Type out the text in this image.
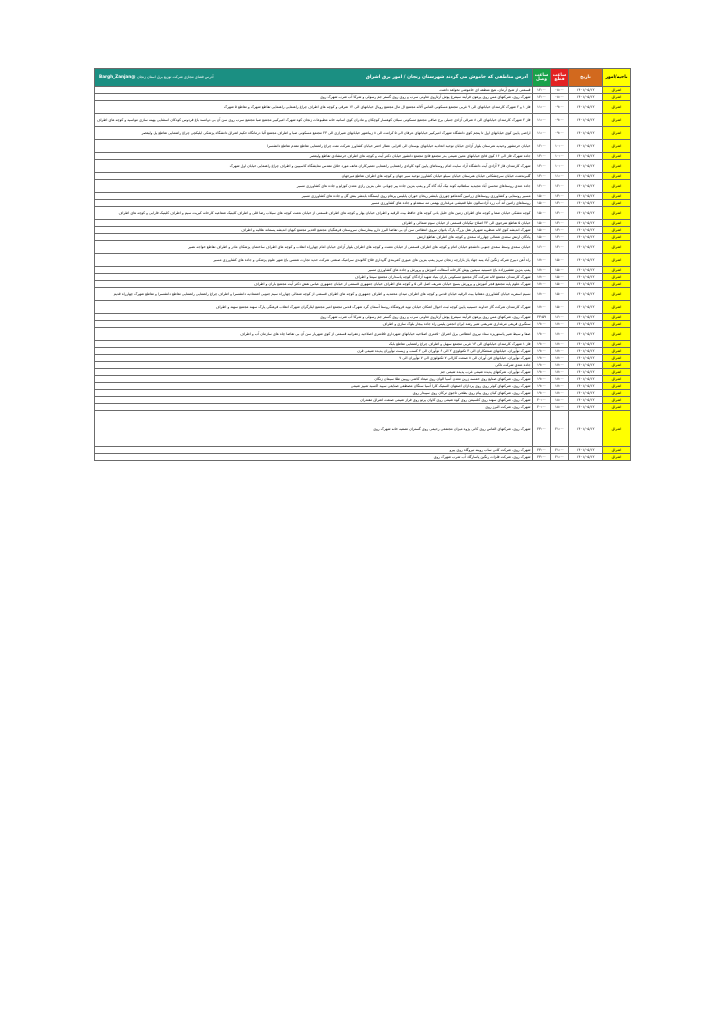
ناحیه/امور	تاریخ	ساعت قطع	ساعت وصل	آدرس مناطقی که خاموش می گردند شهرستان زنجان / امور برق اشراق
آدرس فضای مجازی شرکت توزیع برق استان زنجان @Bargh_Zanjan

اشراق	۱۴۰۱/۰۵/۱۲	۰۸:۰۰	۱۲:۰۰	قسمتی از شیخ آرمان، هیچ منطقه ای خاموشی نخواهد داشت
اشراق	۱۴۰۱/۰۵/۱۲	۰۸:۰۰	۱۲:۰۰	شهرک روی، شرکتهای مس روی پرهون فرآیند سیمرغ پوش آرتاروی تعاونی سرب و روی روی گستر جم رسولی و شرکا آب شرب شهرک روی
اشراق	۱۴۰۱/۰۵/۱۲	۰۹:۰۰	۱۱:۰۰	فاز ۱ و ۲ شهرک کارمندان خیابانهای الی ۹ غربی مجتمع مسکونی الماس آلاله مجتمع ال مال مجتمع رویال خیابانهای الی ۱۲ شرقی و کوچه های اطراف چراغ راهنمایی راهنمایی تقاطع شهرک و تقاطع ۵ شهرک
اشراق	۱۴۰۱/۰۵/۱۲	۰۹:۰۰	۱۱:۰۰	فاز ۲ شهرک کارمندان خیابانهای الی ۸ شرقی آزادی جنبلی برج صافی مجتمع مسکونی سبلان کوهسار کوچکان و مادران کوی اسانیه خانه مطبوعات زنجان کوه شهرک امیرکبیر مجتمع صبا مجتمع سرب روی سن آن بی دوانسد باغ فردوس کودکان استثنایی بهینه سازی مواسید و کوچه های اطراف
اشراق	۱۴۰۱/۰۵/۱۲	۰۹:۰۰	۱۱:۰۰	اراضی پایین کوی خیابانهای اول تا پنجم کوی دانشگاه شهرک امیرکبیر خیابانهای عرفان الی ۵ کرامت الی ۸ زیباشهر خیابانهای شیرازی الی ۲۳ مجتمع مسکونی صبا و اطراف مجتمع آلبا درمانگاه حکیم اشراق دانشگاه پزشکی ایلیکچی چراغ راهنمایی تقاطع پل ولیعصر
اشراق	۱۴۰۱/۰۵/۱۲	۱۰:۰۰	۱۲:۰۰	خیابان خرمشهر وحیدیه هنرستان بلوار آزادی خیابان توحید اتحادیه خیابانهای بوستان الی افرایی عطار احمر خیابان کشاورز شرکت نفت چراغ راهنمایی تقاطع مقدم تقاطع دانشسرا
اشراق	۱۴۰۱/۰۵/۱۲	۱۰:۰۰	۱۳:۰۰	جاده شهرک فاز الی ۱۶ کوی فاتح خیابانهای معین شیمی بدر مجتمع فاتح مجتمع دانشور خیابان دکتر آیت و کوچه های اطراف خرمشادی تقاطع ولیعصر
اشراق	۱۴۰۱/۰۵/۱۲	۱۰:۰۰	۱۳:۰۰	شهرک کارمندان فاز ۳ آزادی آیت دانشگاه آزاد سایت امام روستاهای پایین کوه کاوادی راهنمایی راهنمایی تعمیرکاران هاتف مورد خلاق مقدس نمایشگاه کاسیپین و اطراف چراغ راهنمایی خیابان اول شهرک
اشراق	۱۴۰۱/۰۵/۱۲	۱۱:۰۰	۱۳:۰۰	گلبرندشت خیابان سرچشکانی خیابان هنرستان خیابان سیلو خیابان کشاورز توحید سیر جهان و کوچه های اطراف تقاطع میرجهان
اشراق	۱۴۰۱/۰۵/۱۲	۱۲:۰۰	۱۴:۰۰	جاده عندی روستاهای محسن آباد مجیدیه سلطانیه کوند نیک آباد گاه گر و پمپ بنزین جاده پیر چوپانی علی بنزین رازی معدن کوزلو و جاده های کشاورزی مسیر
اشراق	۱۴۰۱/۰۵/۱۲	۱۳:۰۰	۱۵:۰۰	مسیر روستایی و کشاورزی روستاهای زرانبین گندماهو چورزق بابنشر ریحان خوران پابلیس پرهام روی ایستگاه بابنشر بنش گل و جاده های کشاورزی مسیر
اشراق	۱۴۰۱/۰۵/۱۲	۱۳:۰۰	۱۵:۰۰	روستاهای زامین آند آب زرد آزادسالون علیا قمیشی مرغداری بهمنی مه ستقدلو و جاده های کشاورزی مسیر
اشراق	۱۴۰۱/۰۵/۱۲	۱۳:۰۰	۱۵:۰۰	کوچه مشکی خیابان صفا و کوچه های اطراف زمین های خلیل بانی کوچه های حافظ بیت الرقیه و اطراف خیابان بهار و کوچه های اطراف قسمتی از خیابان نعمت کوچه های سیلاب رضا قلی و اطراف کلینیک شفاعیه کارخانه کبریت سیم و اطراف کلینیک فارابی و کوچه های اطراف
اشراق	۱۴۰۱/۰۵/۱۲	۱۳:۰۰	۱۵:۰۰	خیابان ۵ تقاطع هنرجوی الی ۲۴ اصلاح تیکپانان قسمتی از خیابان سوم شمالی و اطراف
اشراق	۱۴۰۱/۰۵/۱۲	۱۳:۰۰	۱۵:۰۰	شهرک اندیشه کوی لاله منظریه شهریار هتل بزرگ پارک بانوان نیروی انتظامی سن آن بی تقاضا البرز دارو بیمارستان سروستان فرهنگیان مجتمع الغدیر مجتمع کیهان اندیشه پسماند هلالیه و اطراف
اشراق	۱۴۰۱/۰۵/۱۲	۱۳:۰۰	۱۵:۰۰	پادگان ارتش سعدی شمالی چهارراه سعدی و کوچه های اطراف تقاطع ارتش
اشراق	۱۴۰۱/۰۵/۱۲	۱۴:۰۰	۱۶:۰۰	خیابان سعدی وسط سعدی جنوبی دانشجو خیابان امام و کوچه های اطراف قسمتی از خیابان نعمت و کوچه های اطراف بلوار آزادی خیابان امام چهارراه انقلاب و کوچه های اطراف ساختمان پزشکان مادر و اطراف تقاطع خواجه نصیر
اشراق	۱۴۰۱/۰۵/۱۲	۱۵:۰۰	۱۷:۰۰	راه آهن دبیرخ شرکه زنگین آیاد پنبه جهاد پاز بازارچه زنجان تبریز پمپ بنزین های عبوری کمربندی گاوداری فلاح کالوندی سرامیک صنعتی شرکت حدید تجارت شمس باغ شهر علوم پزشکی و جاده های کشاورزی مسیر
اشراق	۱۴۰۱/۰۵/۱۲	۱۵:۰۰	۱۷:۰۰	پمپ بنزین تقشیرزاده باغ حسینیه سیمین پوش کارخانه آسفالت آموزش و پرورش و جاده های کشاورزی مسیر
اشراق	۱۴۰۱/۰۵/۱۲	۱۵:۰۰	۱۷:۰۰	شهرک کارمندان مجتمع لاله شرکت گاز مجتمع مسکونی باران بنیاد شهید آزادگان کوچه پاسداران مجتمع سپنتا و اطراف
اشراق	۱۴۰۱/۰۵/۱۲	۱۵:۰۰	۱۷:۰۰	شهرک علوم پایه مجتمع فجر آموزش و پرورش بسیج خیابان شریف اصل الی ۵ و کوچه های اطراف خیابان جمهوری قسمتی از خیابان جمهوری عباس نقش دکتر آیت مجتمع باران و اطراف
اشراق	۱۴۰۱/۰۵/۱۲	۱۵:۰۰	۱۷:۰۰	نسیم اسفریه خیابان کشاورزی دهقانیا بیت الرقیه خیابان قدس و کوچه های اطراف میدان محمدیه و اطراف جمهوری و کوچه های اطراف قسمتی از کوچه شمالی چهارراه سیم جنوبی اشتمادیه دانشسرا و اطراف چراغ راهنمایی راهنمایی تقاطع دانشسرا و تقاطع شهرک چهارراه قدیم
اشراق	۱۴۰۱/۰۵/۱۲	۱۵:۰۰	۱۷:۰۰	شهرک کارمندان شرکت گاز خداوند حسینیه پایین کوچه ثبت احوال اشکان خیابان نوید فروشگاه روستا آسمان گرد شهرک قدس مجتمع امیر مجتمع ایثارگران شهرک انقلاب فرهنگی پارک سهند مجتمع سهند و اطراف
اشراق	۱۴۰۱/۰۵/۱۲	۱۶:۰۰	۲۳:۵۹	شهرک روی، شرکتهای مس روی پرهون فرآیند سیمرغ پوش آرتاروی تعاونی سرب و روی روی گستر جم رسولی و شرکا آب شرب شهرک روی
اشراق	۱۴۰۱/۰۵/۱۲	۱۷:۰۰	۱۹:۰۰	سنگبری فریقی مرغداری شریعتی شیر رشد ایران انجمن پلیس راه جاده بیجار بلوک سازی و اطراف
اشراق	۱۴۰۱/۰۵/۱۲	۱۷:۰۰	۱۹:۰۰	صفا و سیط شیر پاستوریزه ستاد نیروی انتظامی برق اشراق ۵۰متری اصلاحیه خیابانهای شهرداری ۵۵متری اصلاحیه زعفرانیه قسمتی از کوی شهریار سن آن بی تقاضا چاه های سازمان آب و اطراف
اشراق	۱۴۰۱/۰۵/۱۲	۱۷:۰۰	۱۹:۰۰	فاز ۱ شهرک کارمندان خیابانهای الی ۱۳ غربی مجتمع سهیل و اطراف چراغ راهنمایی تقاطع بابک
اشراق	۱۴۰۱/۰۵/۱۲	۱۷:۰۰	۱۹:۰۰	شهرک نوآوران، خیابانهای صنعتکاران الی ۳ تکنولوژی ۲ الی ۶ نوآوران الی ۲ کسب و زیست نوآوران پدیده شیمی قرن
اشراق	۱۴۰۱/۰۵/۱۲	۱۷:۰۰	۱۹:۰۰	شهرک نوآوران، خیابانهای فن آوران الی ۸ صنعت کارالی ۷ تکنولوژی الی ۷ نوآوران الی ۷
اشراق	۱۴۰۱/۰۵/۱۲	۱۷:۰۰	۱۹:۰۰	جاده عندی شرکت تاکی
اشراق	۱۴۰۱/۰۵/۱۲	۱۷:۰۰	۱۹:۰۰	شهرک نوآوران، شرکتهای پدیده شیمی غرب پدیده شیمی جم
اشراق	۱۴۰۱/۰۵/۱۲	۱۷:۰۰	۱۹:۰۰	شهرک روی، شرکتهای صنایع روی خمسه زرین معدن آسیا الوان روی میعاد کاشی روبین طلا سیمان زنگان
اشراق	۱۴۰۱/۰۵/۱۲	۱۷:۰۰	۱۹:۰۰	شهرک روی، شرکتهای کوثر روی روی پردازان اصفهان الستیک کارا آسیا سنگان مصطفی صنایعی سپید اکسید تمییز شیمی
اشراق	۱۴۰۱/۰۵/۱۲	۱۷:۰۰	۱۹:۰۰	شهرک روی، شرکتهای کیان روی پیام روی بطحی تاجوی ترکان روی سپیدار روی
اشراق	۱۴۰۱/۰۵/۱۲	۱۸:۰۰	۲۰:۰۰	شهرک روی، شرکتهای سهند روی کلسیمن روی کوه شیمی روی کاوان پرتو روی فراز شیمی صنعت اشراق مقتدران
اشراق	۱۴۰۱/۰۵/۱۲	۱۸:۰۰	۲۰:۰۰	شهرک روی، شرکت البرز روی
اشراق	۱۴۰۱/۰۵/۱۲	۲۱:۰۰	۲۳:۰۰	شهرک روی، شرکتهای الماس روی کانی پژوه میزان مجتمعی رحیمی روی گستران تصفیه خانه شهرک روی
اشراق	۱۴۰۱/۰۵/۱۲	۲۱:۰۰	۲۳:۰۰	شهرک روی، شرکت کانی ساب روینه نیروگاه روی پیرو
اشراق	۱۴۰۱/۰۵/۱۲	۲۱:۰۰	۲۳:۰۰	شهرک روی، شرکت فلزات رنگین پاسارگاد آب شرب شهرک روی
